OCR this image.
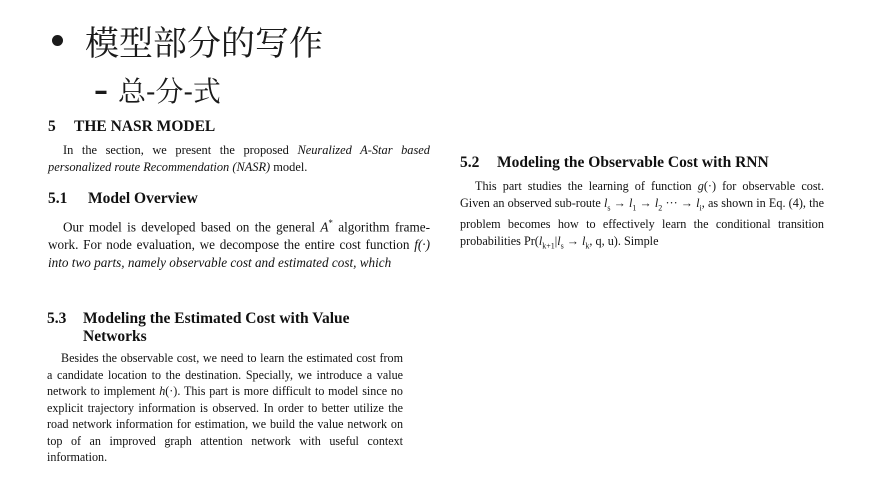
模型部分的写作
– 总-分-式
5 THE NASR MODEL

In the section, we present the proposed Neuralized A-Star based personalized route Recommendation (NASR) model.

5.1 Model Overview

Our model is developed based on the general A* algorithm frame-work. For node evaluation, we decompose the entire cost function f(·) into two parts, namely observable cost and estimated cost, which

5.2 Modeling the Observable Cost with RNN

This part studies the learning of function g(·) for observable cost. Given an observed sub-route $l_s \to l_1 \to l_2$ ··· → $l_i$, as shown in Eq. (4), the problem becomes how to effectively learn the conditional transition probabilities $Pr(l_{k+1}|l_s \to l_k$, q, u). Simple

5.3	Modeling the Estimated Cost with Value
Networks

Besides the observable cost, we need to learn the estimated cost from a candidate location to the destination. Specially, we introduce a value network to implement h(·). This part is more difficult to model since no explicit trajectory information is observed. In order to better utilize the road network information for estimation, we build the value network on top of an improved graph attention network with useful context information.
